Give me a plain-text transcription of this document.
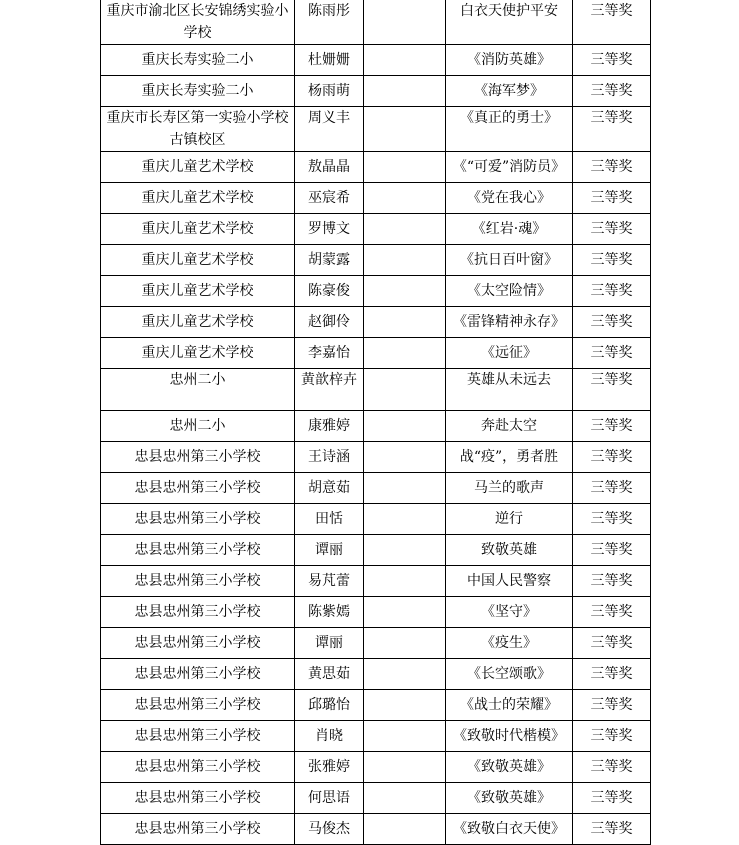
重庆市渝北区长安锦绣实验小学校	陈雨彤		白衣天使护平安	三等奖
重庆长寿实验二小	杜姗姗		《消防英雄》	三等奖
重庆长寿实验二小	杨雨萌		《海军梦》	三等奖
重庆市长寿区第一实验小学校古镇校区	周义丰		《真正的勇士》	三等奖
重庆儿童艺术学校	敖晶晶		《“可爱”消防员》	三等奖
重庆儿童艺术学校	巫宸希		《党在我心》	三等奖
重庆儿童艺术学校	罗博文		《红岩·魂》	三等奖
重庆儿童艺术学校	胡蒙露		《抗日百叶窗》	三等奖
重庆儿童艺术学校	陈豪俊		《太空险情》	三等奖
重庆儿童艺术学校	赵御伶		《雷锋精神永存》	三等奖
重庆儿童艺术学校	李嘉怡		《远征》	三等奖
忠州二小	黄歆梓卉		英雄从未远去	三等奖
忠州二小	康雅婷		奔赴太空	三等奖
忠县忠州第三小学校	王诗涵		战“疫”，勇者胜	三等奖
忠县忠州第三小学校	胡意茹		马兰的歌声	三等奖
忠县忠州第三小学校	田恬		逆行	三等奖
忠县忠州第三小学校	谭丽		致敬英雄	三等奖
忠县忠州第三小学校	易芃蕾		中国人民警察	三等奖
忠县忠州第三小学校	陈紫嫣		《坚守》	三等奖
忠县忠州第三小学校	谭丽		《疫生》	三等奖
忠县忠州第三小学校	黄思茹		《长空颂歌》	三等奖
忠县忠州第三小学校	邱璐怡		《战士的荣耀》	三等奖
忠县忠州第三小学校	肖晓		《致敬时代楷模》	三等奖
忠县忠州第三小学校	张雅婷		《致敬英雄》	三等奖
忠县忠州第三小学校	何思语		《致敬英雄》	三等奖
忠县忠州第三小学校	马俊杰		《致敬白衣天使》	三等奖
